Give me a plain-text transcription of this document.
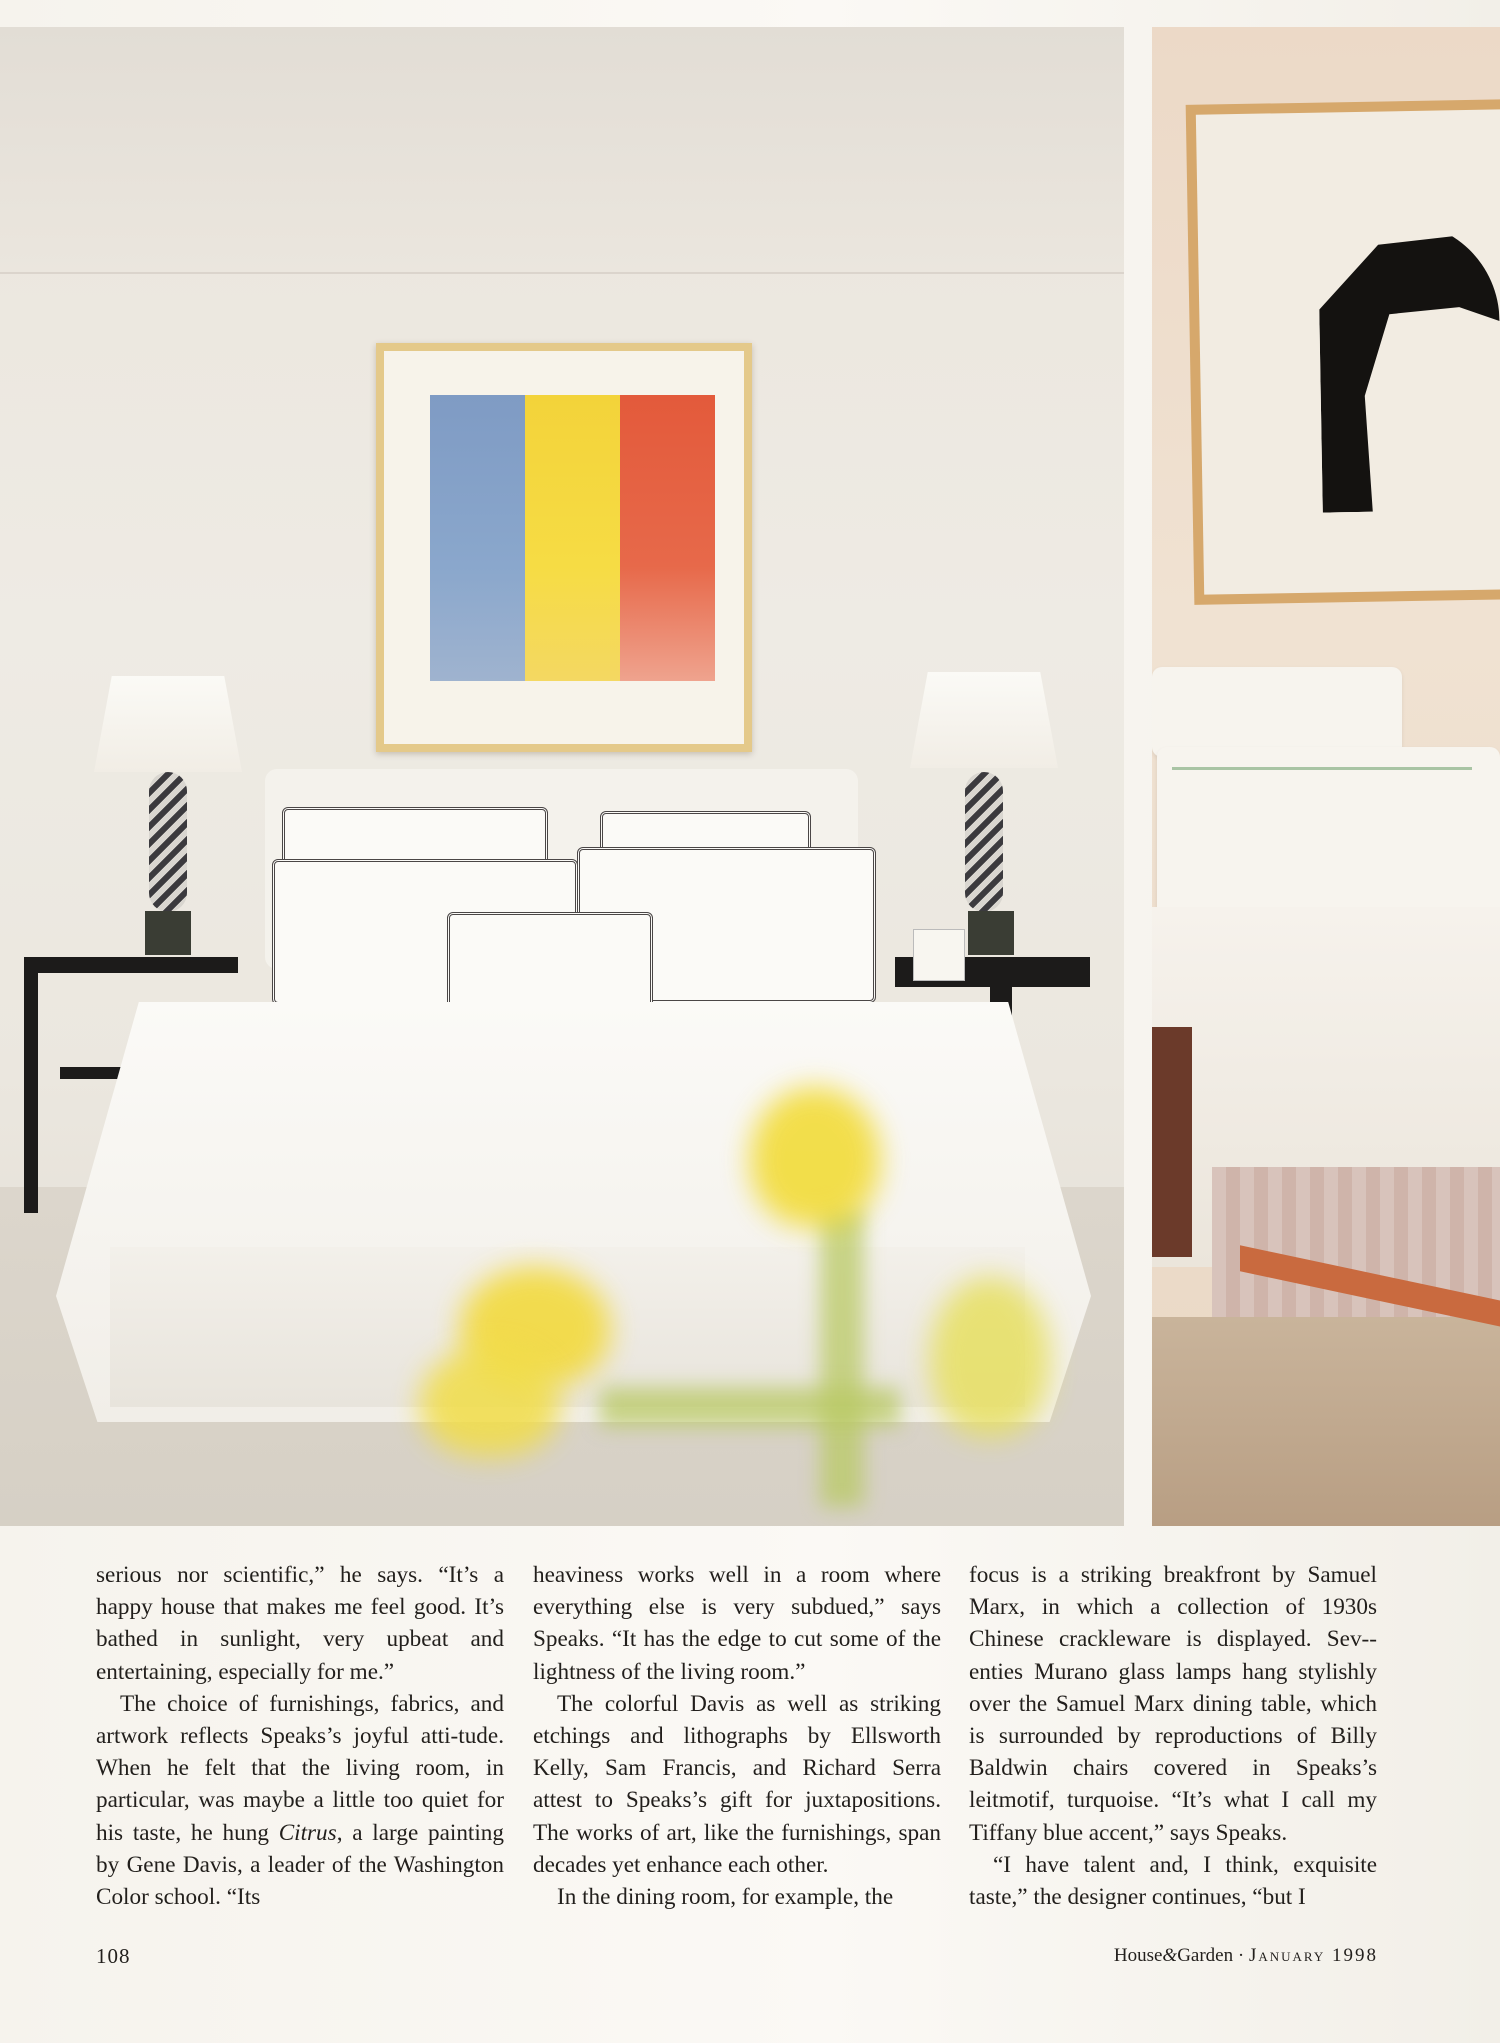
serious nor scientific,” he says. “It’s a happy house that makes me feel good. It’s bathed in sunlight, very upbeat and entertaining, especially for me.”

The choice of furnishings, fabrics, and artwork reflects Speaks’s joyful atti-tude. When he felt that the living room, in particular, was maybe a little too quiet for his taste, he hung Citrus, a large painting by Gene Davis, a leader of the Washington Color school. “Its

heaviness works well in a room where everything else is very subdued,” says Speaks. “It has the edge to cut some of the lightness of the living room.”

The colorful Davis as well as striking etchings and lithographs by Ellsworth Kelly, Sam Francis, and Richard Serra attest to Speaks’s gift for juxtapositions. The works of art, like the furnishings, span decades yet enhance each other.

In the dining room, for example, the

focus is a striking breakfront by Samuel Marx, in which a collection of 1930s Chinese crackleware is displayed. Sev-enties Murano glass lamps hang stylishly over the Samuel Marx dining table, which is surrounded by reproductions of Billy Baldwin chairs covered in Speaks’s leitmotif, turquoise. “It’s what I call my Tiffany blue accent,” says Speaks.

“I have talent and, I think, exquisite taste,” the designer continues, “but I

108	House&Garden · January 1998
